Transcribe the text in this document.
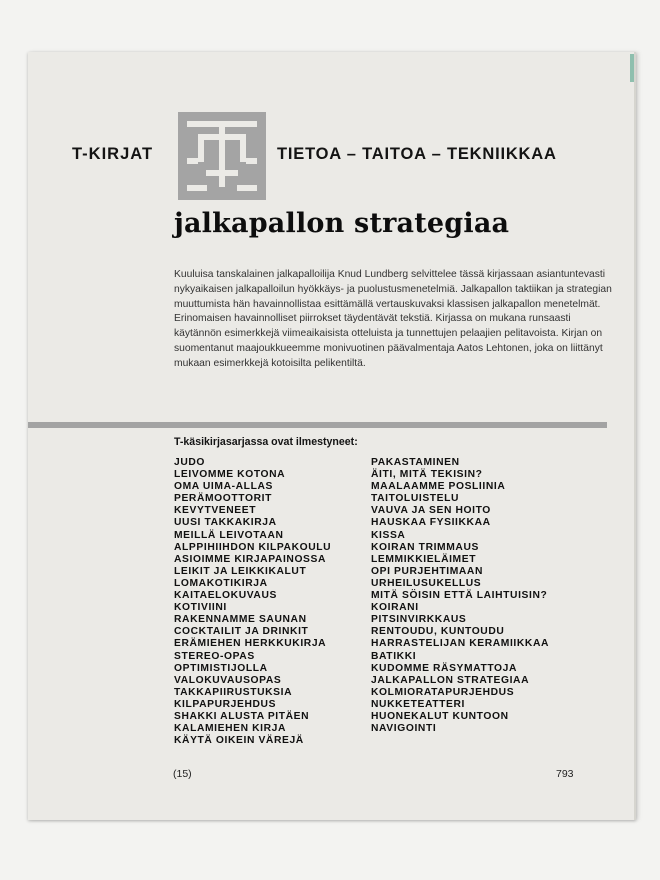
T-KIRJAT	TIETOA – TAITOA – TEKNIIKKAA
jalkapallon strategiaa

Kuuluisa tanskalainen jalkapalloilija Knud Lundberg selvittelee tässä kirjassaan asiantuntevasti nykyaikaisen jalkapalloilun hyökkäys- ja puolustusmenetelmiä. Jalkapallon taktiikan ja strategian muuttumista hän havainnollistaa esittämällä vertauskuvaksi klassisen jalkapallon menetelmät. Erinomaisen havainnolliset piirrokset täydentävät tekstiä. Kirjassa on mukana runsaasti käytännön esimerkkejä viimeaikaisista otteluista ja tunnettujen pelaajien pelitavoista. Kirjan on suomentanut maajoukkueemme monivuotinen päävalmentaja Aatos Lehtonen, joka on liittänyt mukaan esimerkkejä kotoisilta pelikentiltä.

T-käsikirjasarjassa ovat ilmestyneet:
JUDO
LEIVOMME KOTONA
OMA UIMA-ALLAS
PERÄMOOTTORIT
KEVYTVENEET
UUSI TAKKAKIRJA
MEILLÄ LEIVOTAAN
ALPPIHIIHDON KILPAKOULU
ASIOIMME KIRJAPAINOSSA
LEIKIT JA LEIKKIKALUT
LOMAKOTIKIRJA
KAITAELOKUVAUS
KOTIVIINI
RAKENNAMME SAUNAN
COCKTAILIT JA DRINKIT
ERÄMIEHEN HERKKUKIRJA
STEREO-OPAS
OPTIMISTIJOLLA
VALOKUVAUSOPAS
TAKKAPIIRUSTUKSIA
KILPAPURJEHDUS
SHAKKI ALUSTA PITÄEN
KALAMIEHEN KIRJA
KÄYTÄ OIKEIN VÄREJÄ
PAKASTAMINEN
ÄITI, MITÄ TEKISIN?
MAALAAMME POSLIINIA
TAITOLUISTELU
VAUVA JA SEN HOITO
HAUSKAA FYSIIKKAA
KISSA
KOIRAN TRIMMAUS
LEMMIKKIELÄIMET
OPI PURJEHTIMAAN
URHEILUSUKELLUS
MITÄ SÖISIN ETTÄ LAIHTUISIN?
KOIRANI
PITSINVIRKKAUS
RENTOUDU, KUNTOUDU
HARRASTELIJAN KERAMIIKKAA
BATIKKI
KUDOMME RÄSYMATTOJA
JALKAPALLON STRATEGIAA
KOLMIORATAPURJEHDUS
NUKKETEATTERI
HUONEKALUT KUNTOON
NAVIGOINTI
(15)	793
